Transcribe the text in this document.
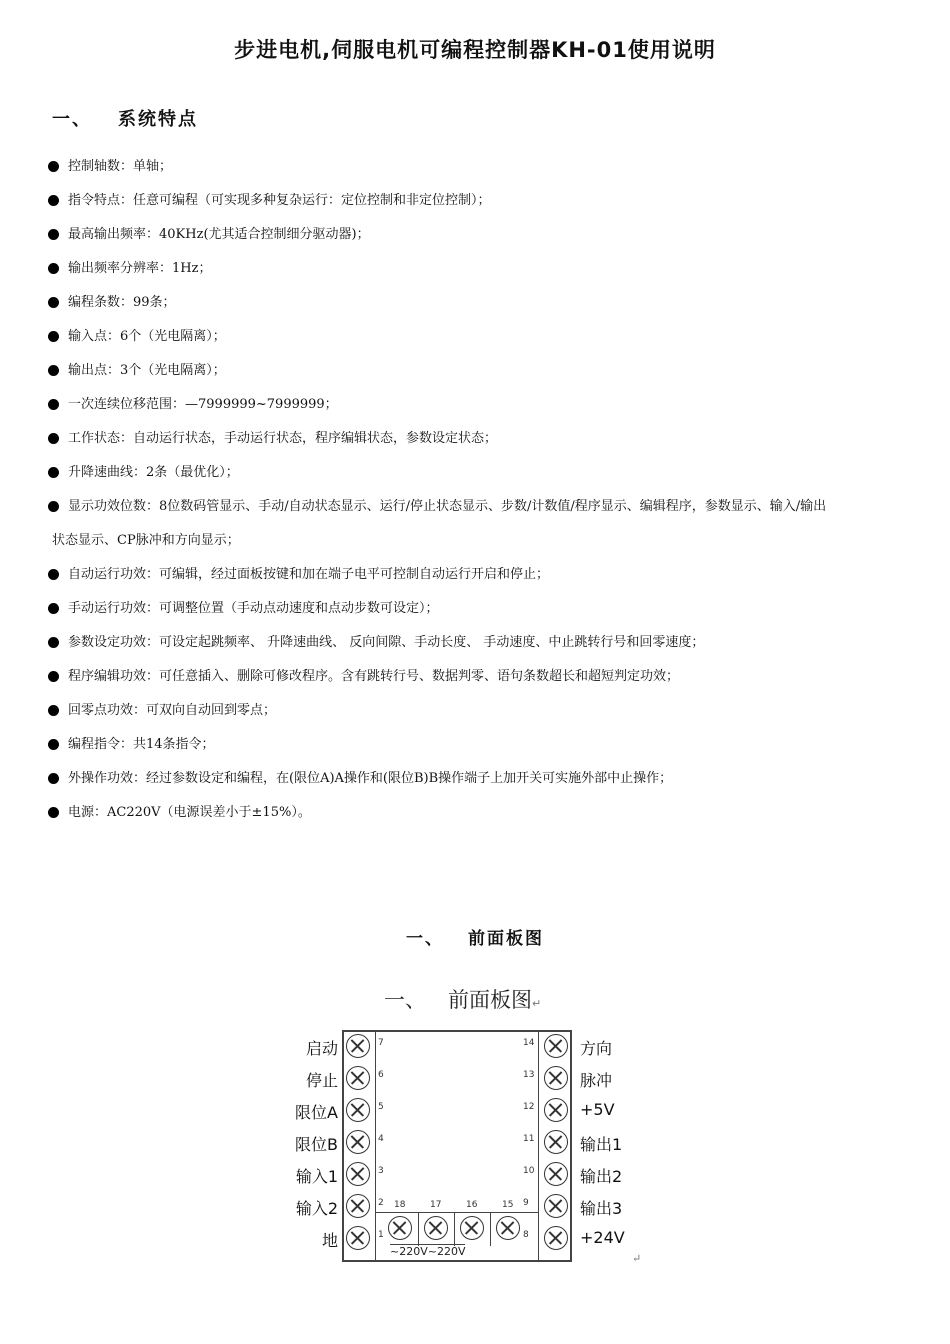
步进电机,伺服电机可编程控制器KH-01使用说明
一、 系统特点
控制轴数：单轴；
指令特点：任意可编程（可实现多种复杂运行：定位控制和非定位控制）；
最高输出频率：40KHz(尤其适合控制细分驱动器)；
输出频率分辨率：1Hz；
编程条数：99条；
输入点：6个（光电隔离）；
输出点：3个（光电隔离）；
一次连续位移范围：—7999999~7999999；
工作状态：自动运行状态，手动运行状态，程序编辑状态，参数设定状态；
升降速曲线：2条（最优化）；
显示功效位数：8位数码管显示、手动/自动状态显示、运行/停止状态显示、步数/计数值/程序显示、编辑程序，参数显示、输入/输出
状态显示、CP脉冲和方向显示；
自动运行功效：可编辑，经过面板按键和加在端子电平可控制自动运行开启和停止；
手动运行功效：可调整位置（手动点动速度和点动步数可设定）；
参数设定功效：可设定起跳频率、 升降速曲线、 反向间隙、手动长度、 手动速度、中止跳转行号和回零速度；
程序编辑功效：可任意插入、删除可修改程序。含有跳转行号、数据判零、语句条数超长和超短判定功效；
回零点功效：可双向自动回到零点；
编程指令：共14条指令；
外操作功效：经过参数设定和编程，在(限位A)A操作和(限位B)B操作端子上加开关可实施外部中止操作；
电源：AC220V（电源误差小于±15%）。
一、 前面板图
一、 前面板图↵
7
启动	14	方向
6
停止	13	脉冲
5
限位A	12	+5V
4
限位B	11	输出1
3
输入1	10	输出2
2
输入2	9	输出3
1
地	8	+24V
18	17	16	15
~220V~220V
↵
